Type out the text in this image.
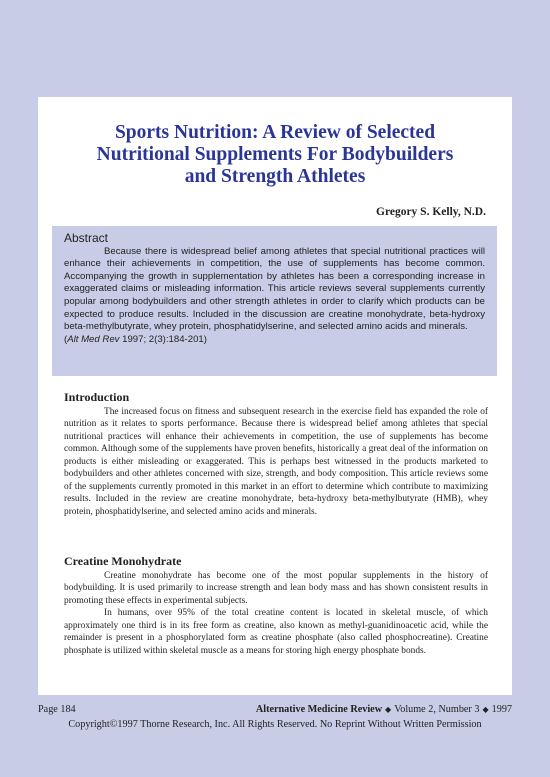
Sports Nutrition: A Review of Selected
Nutritional Supplements For Bodybuilders
and Strength Athletes
Gregory S. Kelly, N.D.
Abstract

Because there is widespread belief among athletes that special nutritional practices will enhance their achievements in competition, the use of supplements has become common. Accompanying the growth in supplementation by athletes has been a corresponding increase in exaggerated claims or misleading information. This article reviews several supplements currently popular among bodybuilders and other strength athletes in order to clarify which products can be expected to produce results. Included in the discussion are creatine monohydrate, beta-hydroxy beta-methylbutyrate, whey protein, phosphatidylserine, and selected amino acids and minerals.

(Alt Med Rev 1997; 2(3):184-201)
Introduction

The increased focus on fitness and subsequent research in the exercise field has expanded the role of nutrition as it relates to sports performance. Because there is widespread belief among athletes that special nutritional practices will enhance their achievements in competition, the use of supplements has become common. Although some of the supplements have proven benefits, historically a great deal of the information on products is either misleading or exaggerated. This is perhaps best witnessed in the products marketed to bodybuilders and other athletes concerned with size, strength, and body composition. This article reviews some of the supplements currently promoted in this market in an effort to determine which contribute to maximizing results. Included in the review are creatine monohydrate, beta-hydroxy beta-methylbutyrate (HMB), whey protein, phosphatidylserine, and selected amino acids and minerals.

Creatine Monohydrate

Creatine monohydrate has become one of the most popular supplements in the history of bodybuilding. It is used primarily to increase strength and lean body mass and has shown consistent results in promoting these effects in experimental subjects.

In humans, over 95% of the total creatine content is located in skeletal muscle, of which approximately one third is in its free form as creatine, also known as methyl-guanidinoacetic acid, while the remainder is present in a phosphorylated form as creatine phosphate (also called phosphocreatine). Creatine phosphate is utilized within skeletal muscle as a means for storing high energy phosphate bonds.

Page 184	Alternative Medicine Review ◆ Volume 2, Number 3 ◆ 1997
Copyright©1997 Thorne Research, Inc. All Rights Reserved. No Reprint Without Written Permission
